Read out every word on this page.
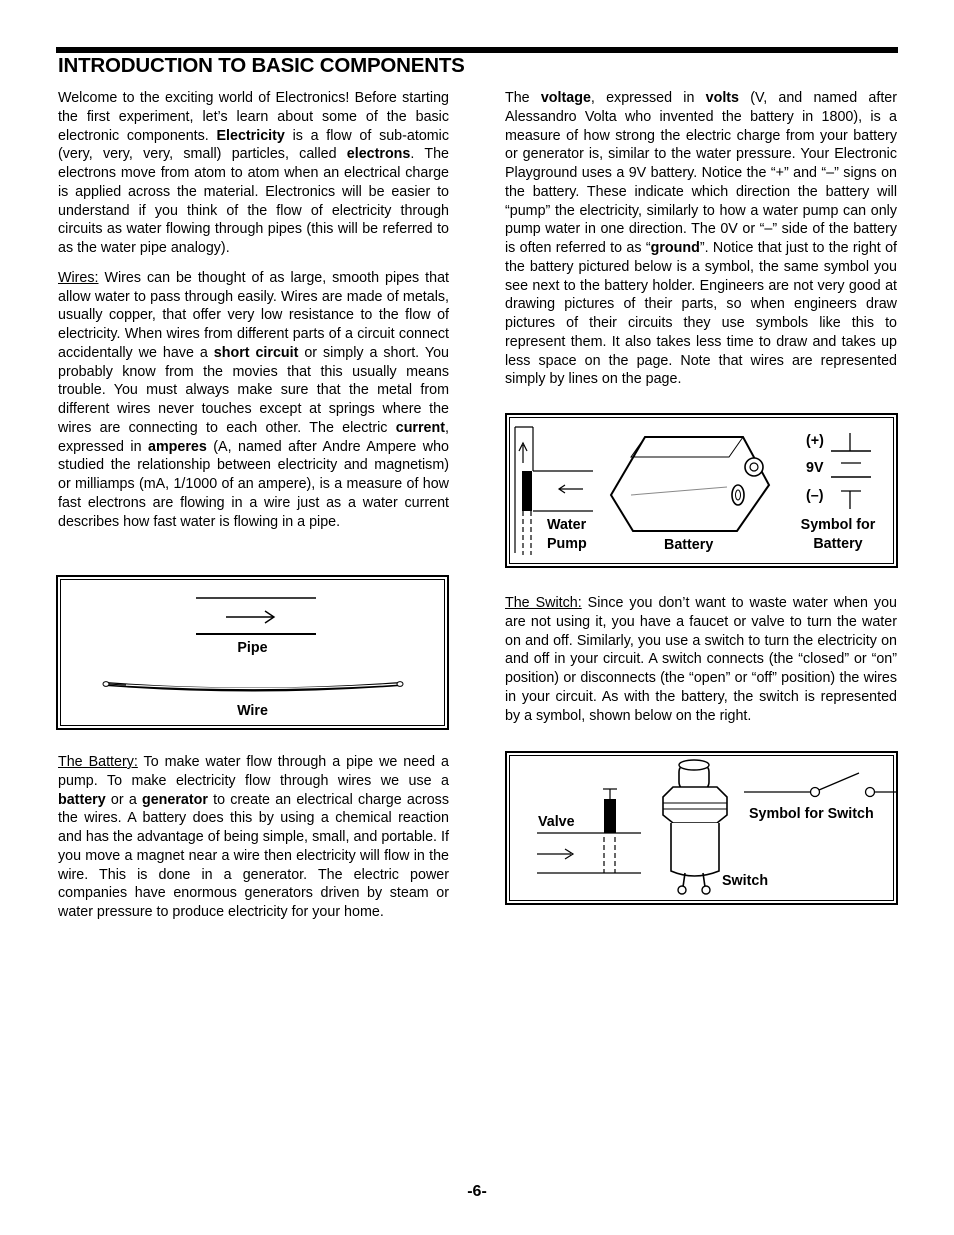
INTRODUCTION TO BASIC COMPONENTS

Welcome to the exciting world of Electronics! Before starting the first experiment, let’s learn about some of the basic electronic components. Electricity is a flow of sub-atomic (very, very, very, small) particles, called electrons. The electrons move from atom to atom when an electrical charge is applied across the material. Electronics will be easier to understand if you think of the flow of electricity through circuits as water flowing through pipes (this will be referred to as the water pipe analogy).

Wires: Wires can be thought of as large, smooth pipes that allow water to pass through easily. Wires are made of metals, usually copper, that offer very low resistance to the flow of electricity. When wires from different parts of a circuit connect accidentally we have a short circuit or simply a short. You probably know from the movies that this usually means trouble. You must always make sure that the metal from different wires never touches except at springs where the wires are connecting to each other. The electric current, expressed in amperes (A, named after Andre Ampere who studied the relationship between electricity and magnetism) or milliamps (mA, 1/1000 of an ampere), is a measure of how fast electrons are flowing in a wire just as a water current describes how fast water is flowing in a pipe.

Pipe
Wire

The Battery: To make water flow through a pipe we need a pump. To make electricity flow through wires we use a battery or a generator to create an electrical charge across the wires. A battery does this by using a chemical reaction and has the advantage of being simple, small, and portable. If you move a magnet near a wire then electricity will flow in the wire. This is done in a generator. The electric power companies have enormous generators driven by steam or water pressure to produce electricity for your home.

The voltage, expressed in volts (V, and named after Alessandro Volta who invented the battery in 1800), is a measure of how strong the electric charge from your battery or generator is, similar to the water pressure. Your Electronic Playground uses a 9V battery. Notice the “+” and “–” signs on the battery. These indicate which direction the battery will “pump” the electricity, similarly to how a water pump can only pump water in one direction. The 0V or “–” side of the battery is often referred to as “ground”. Notice that just to the right of the battery pictured below is a symbol, the same symbol you see next to the battery holder. Engineers are not very good at drawing pictures of their parts, so when engineers draw pictures of their circuits they use symbols like this to represent them. It also takes less time to draw and takes up less space on the page. Note that wires are represented simply by lines on the page.

Water
Pump	Battery
(+)
9V
(–)
Symbol for
Battery

The Switch: Since you don’t want to waste water when you are not using it, you have a faucet or valve to turn the water on and off. Similarly, you use a switch to turn the electricity on and off in your circuit. A switch connects (the “closed” or “on” position) or disconnects (the “open” or “off” position) the wires in your circuit. As with the battery, the switch is represented by a symbol, shown below on the right.

Valve
Switch
Symbol for Switch
-6-
